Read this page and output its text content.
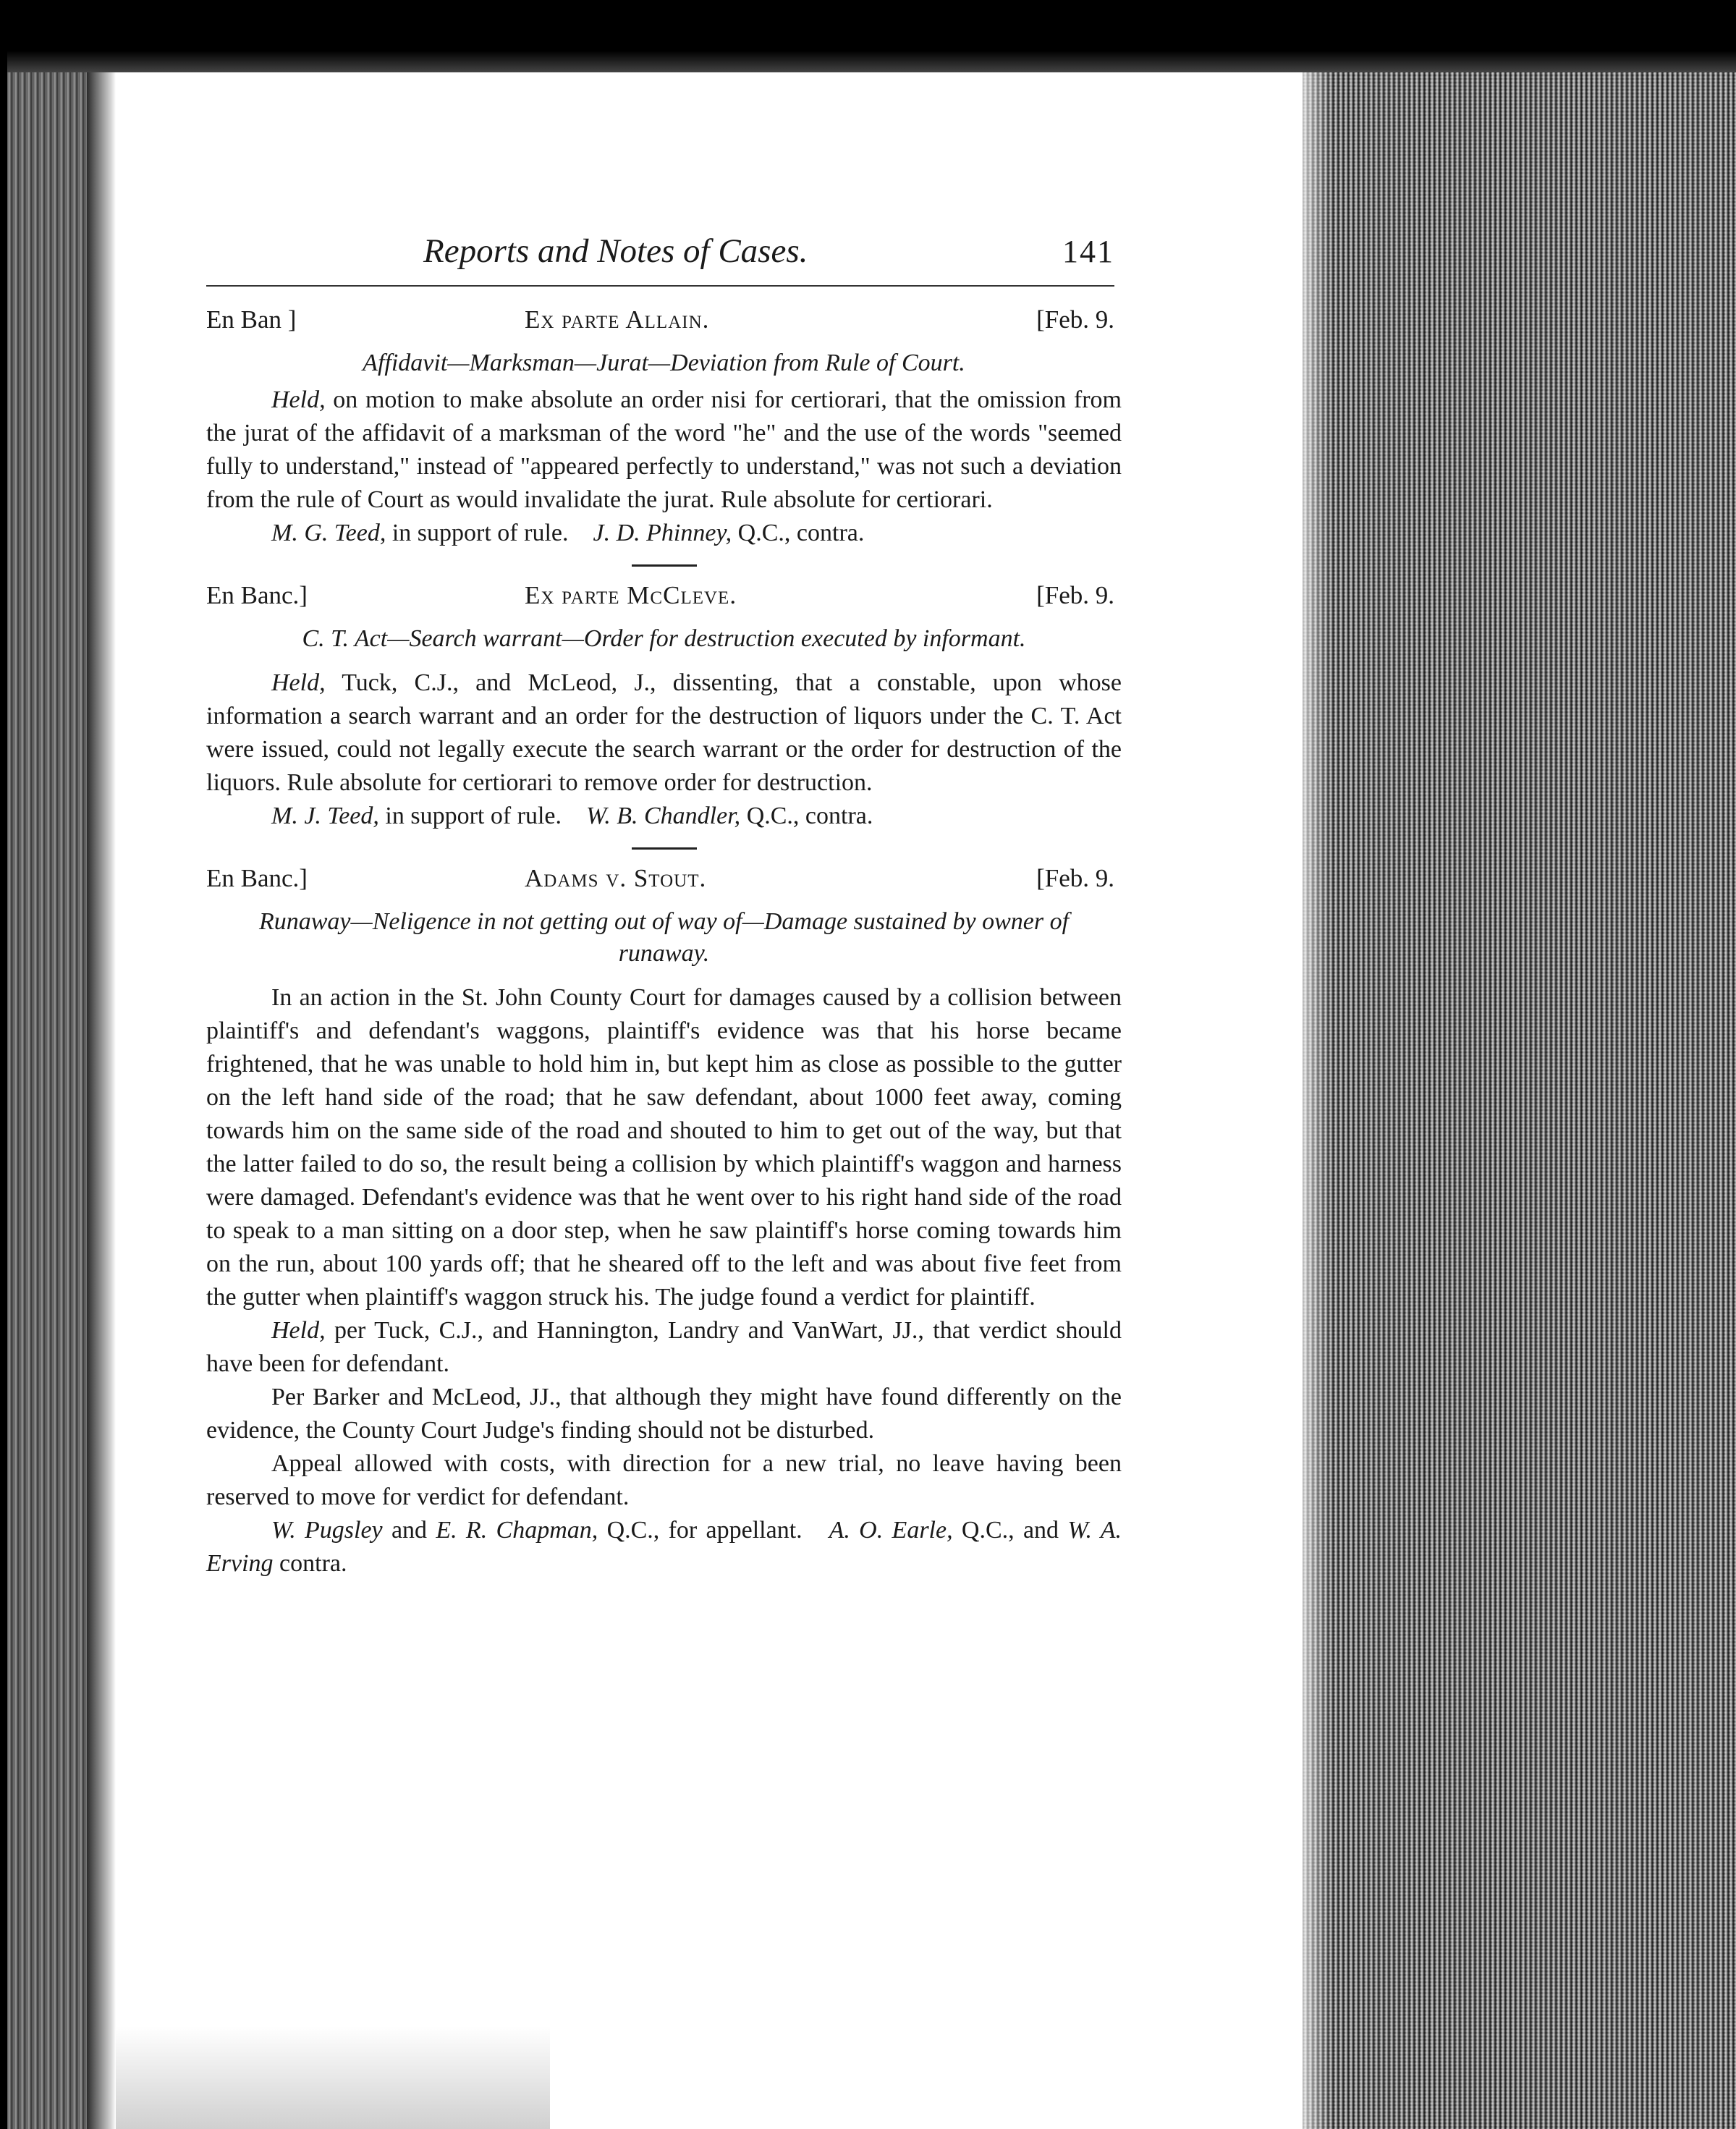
Reports and Notes of Cases.	141
En Ban ]	Ex parte Allain.	[Feb. 9.
Affidavit—Marksman—Jurat—Deviation from Rule of Court.

Held, on motion to make absolute an order nisi for certiorari, that the omission from the jurat of the affidavit of a marksman of the word "he" and the use of the words "seemed fully to understand," instead of "appeared perfectly to understand," was not such a deviation from the rule of Court as would invalidate the jurat. Rule absolute for certiorari.

M. G. Teed, in support of rule. J. D. Phinney, Q.C., contra.

En Banc.]	Ex parte McCleve.	[Feb. 9.
C. T. Act—Search warrant—Order for destruction executed by informant.

Held, Tuck, C.J., and McLeod, J., dissenting, that a constable, upon whose information a search warrant and an order for the destruction of liquors under the C. T. Act were issued, could not legally execute the search warrant or the order for destruction of the liquors. Rule absolute for certiorari to remove order for destruction.

M. J. Teed, in support of rule. W. B. Chandler, Q.C., contra.

En Banc.]	Adams v. Stout.	[Feb. 9.
Runaway—Neligence in not getting out of way of—Damage sustained by owner of runaway.

In an action in the St. John County Court for damages caused by a collision between plaintiff's and defendant's waggons, plaintiff's evidence was that his horse became frightened, that he was unable to hold him in, but kept him as close as possible to the gutter on the left hand side of the road; that he saw defendant, about 1000 feet away, coming towards him on the same side of the road and shouted to him to get out of the way, but that the latter failed to do so, the result being a collision by which plaintiff's waggon and harness were damaged. Defendant's evidence was that he went over to his right hand side of the road to speak to a man sitting on a door step, when he saw plaintiff's horse coming towards him on the run, about 100 yards off; that he sheared off to the left and was about five feet from the gutter when plaintiff's waggon struck his. The judge found a verdict for plaintiff.

Held, per Tuck, C.J., and Hannington, Landry and VanWart, JJ., that verdict should have been for defendant.

Per Barker and McLeod, JJ., that although they might have found differently on the evidence, the County Court Judge's finding should not be disturbed.

Appeal allowed with costs, with direction for a new trial, no leave having been reserved to move for verdict for defendant.

W. Pugsley and E. R. Chapman, Q.C., for appellant. A. O. Earle, Q.C., and W. A. Erving contra.
